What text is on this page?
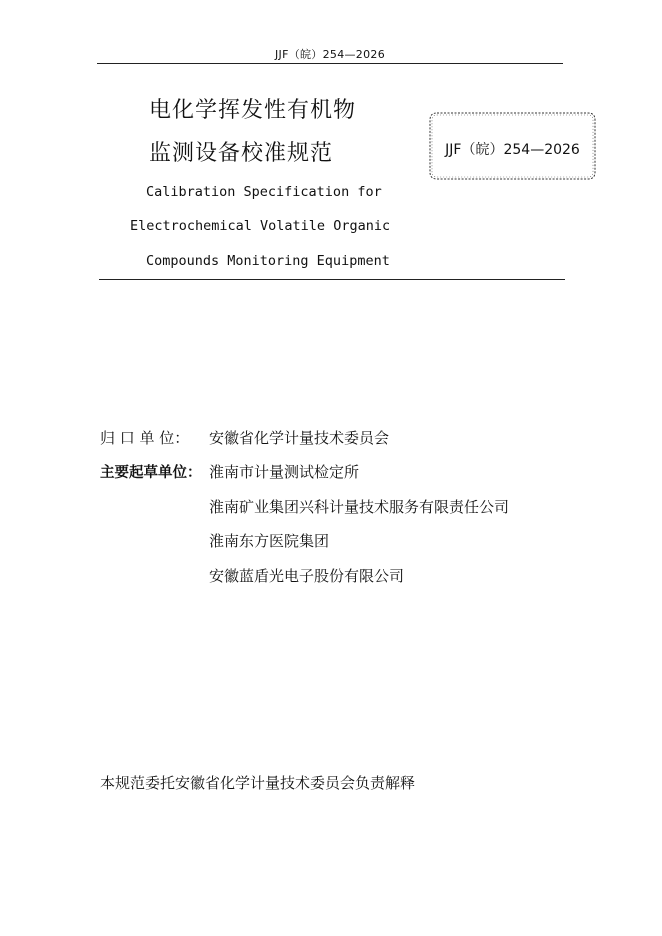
JJF（皖）254—2026
电化学挥发性有机物
监测设备校准规范	JJF（皖）254—2026
Calibration Specification for
Electrochemical Volatile Organic
Compounds Monitoring Equipment
归 口 单 位： 安徽省化学计量技术委员会
主要起草单位： 淮南市计量测试检定所
淮南矿业集团兴科计量技术服务有限责任公司
淮南东方医院集团
安徽蓝盾光电子股份有限公司
本规范委托安徽省化学计量技术委员会负责解释
